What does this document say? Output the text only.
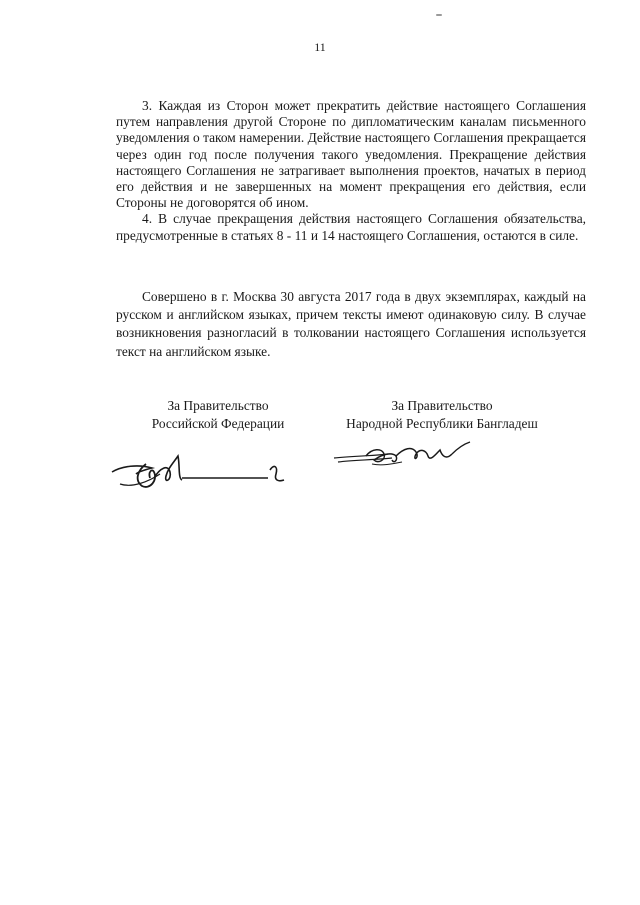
11

3. Каждая из Сторон может прекратить действие настоящего Соглашения путем направления другой Стороне по дипломатическим каналам письменного уведомления о таком намерении. Действие настоящего Соглашения прекращается через один год после получения такого уведомления. Прекращение действия настоящего Соглашения не затрагивает выполнения проектов, начатых в период его действия и не завершенных на момент прекращения его действия, если Стороны не договорятся об ином.

4. В случае прекращения действия настоящего Соглашения обязательства, предусмотренные в статьях 8 - 11 и 14 настоящего Соглашения, остаются в силе.

Совершено в г. Москва 30 августа 2017 года в двух экземплярах, каждый на русском и английском языках, причем тексты имеют одинаковую силу. В случае возникновения разногласий в толковании настоящего Соглашения используется текст на английском языке.

За Правительство
Российской Федерации
За Правительство
Народной Республики Бангладеш
